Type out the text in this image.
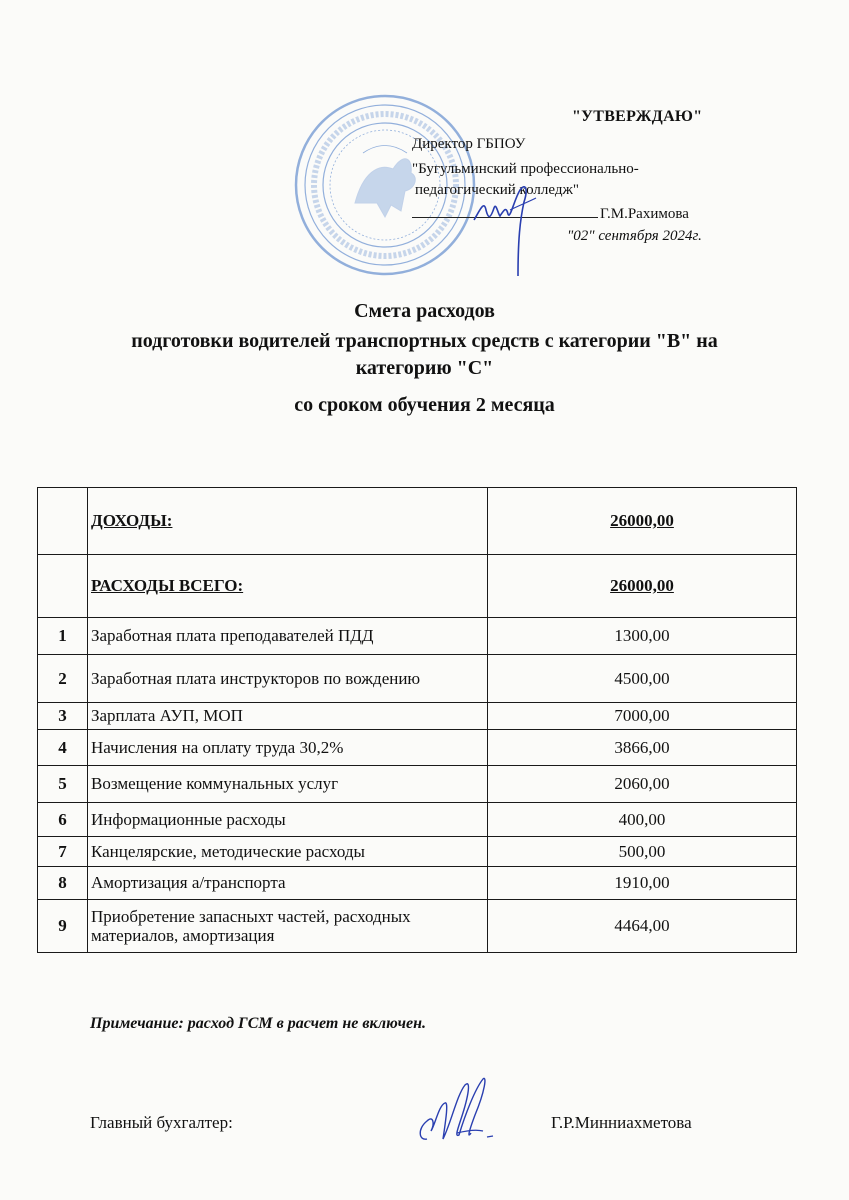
"УТВЕРЖДАЮ"
Директор ГБПОУ
"Бугульминский профессионально-
педагогический колледж"
Г.М.Рахимова
"02" сентября 2024г.
Смета расходов
подготовки водителей транспортных средств с категории "В" на
категорию "С"
со сроком обучения 2 месяца
	ДОХОДЫ:	26000,00
	РАСХОДЫ ВСЕГО:	26000,00
1	Заработная плата преподавателей ПДД	1300,00
2	Заработная плата инструкторов по вождению	4500,00
3	Зарплата АУП, МОП	7000,00
4	Начисления на оплату труда 30,2%	3866,00
5	Возмещение коммунальных услуг	2060,00
6	Информационные расходы	400,00
7	Канцелярские, методические расходы	500,00
8	Амортизация а/транспорта	1910,00
9	Приобретение запасныхт частей, расходных материалов, амортизация	4464,00
Примечание: расход ГСМ в расчет не включен.
Главный бухгалтер:	Г.Р.Минниахметова
